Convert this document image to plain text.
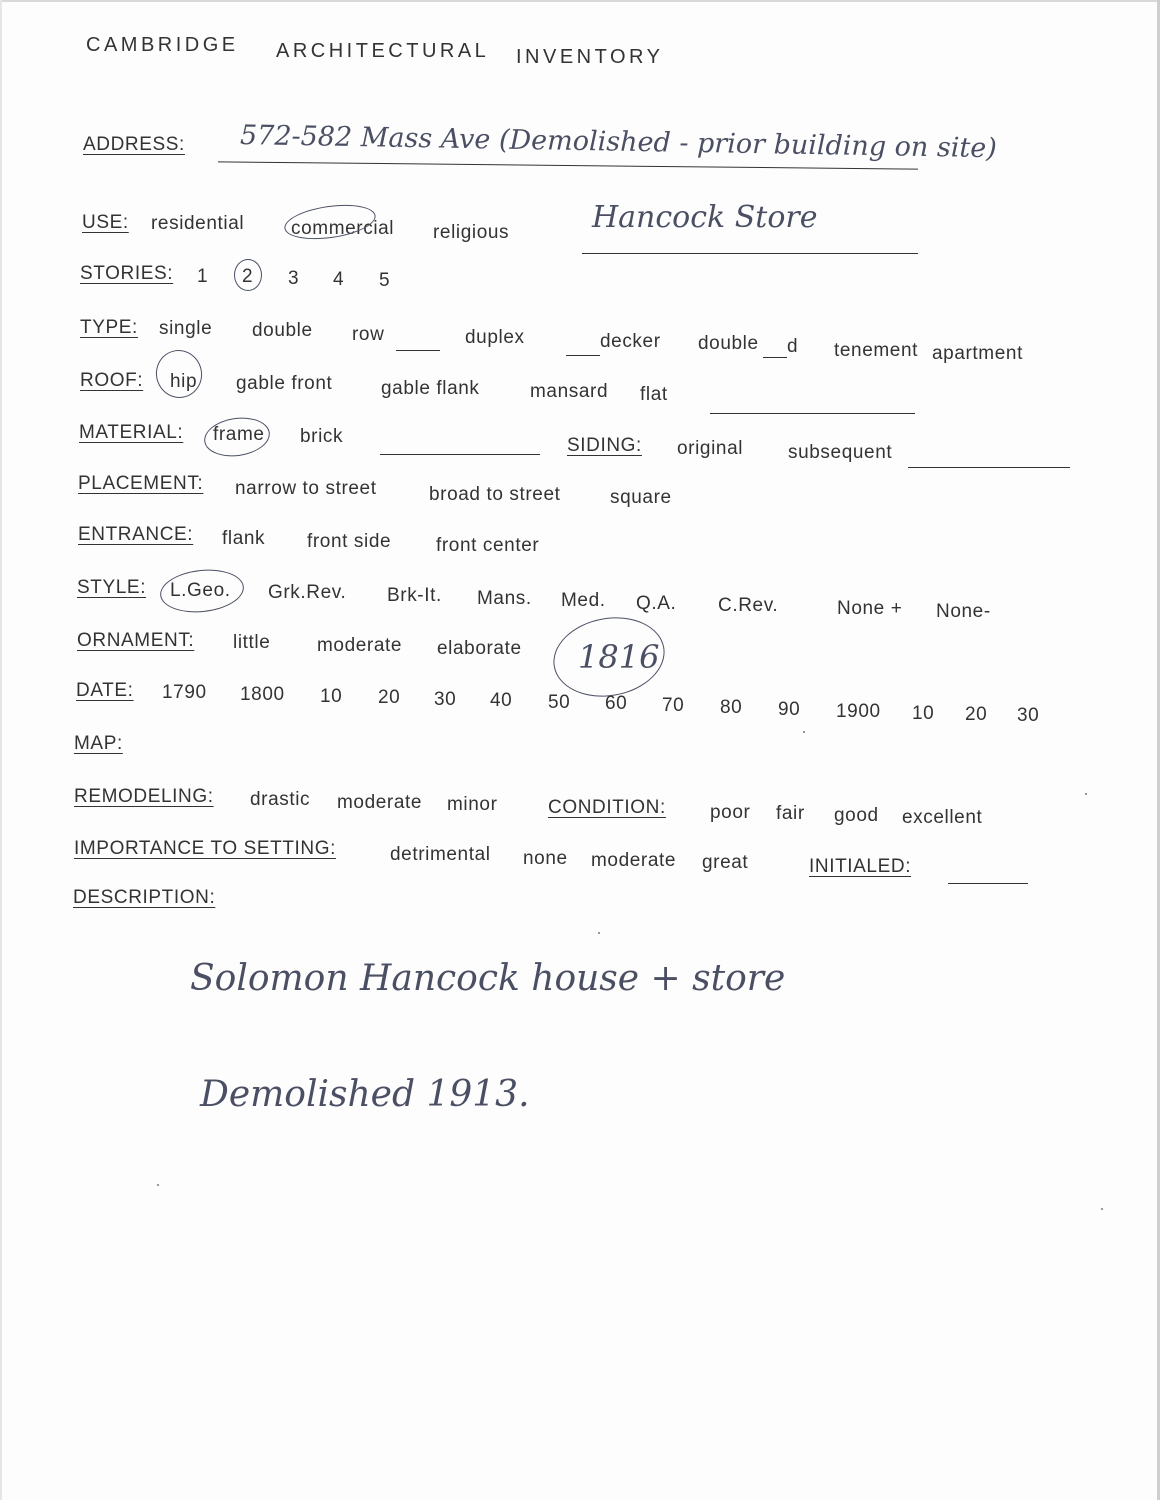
CAMBRIDGE ARCHITECTURAL INVENTORY
ADDRESS: 572-582 Mass Ave (Demolished - prior building on site)
USE: residential commercial religious	Hancock Store
STORIES: 1 2 3 4 5
TYPE: single double row	duplex	decker double d tenement apartment
ROOF: hip gable front	gable flank	mansard flat
MATERIAL: frame brick	SIDING: original subsequent
PLACEMENT: narrow to street	broad to street	square
ENTRANCE: flank front side front center
STYLE: L.Geo. Grk.Rev. Brk-It. Mans. Med. Q.A. C.Rev.	None + None-
ORNAMENT: little moderate elaborate 1816
DATE: 1790 1800 10 20 30 40 50 60 70 80 90 1900 10 20 30
MAP:
REMODELING: drastic moderate minor	CONDITION: poor fair good excellent
IMPORTANCE TO SETTING:	detrimental none moderate great	INITIALED:
DESCRIPTION:
Solomon Hancock house + store
Demolished 1913.
